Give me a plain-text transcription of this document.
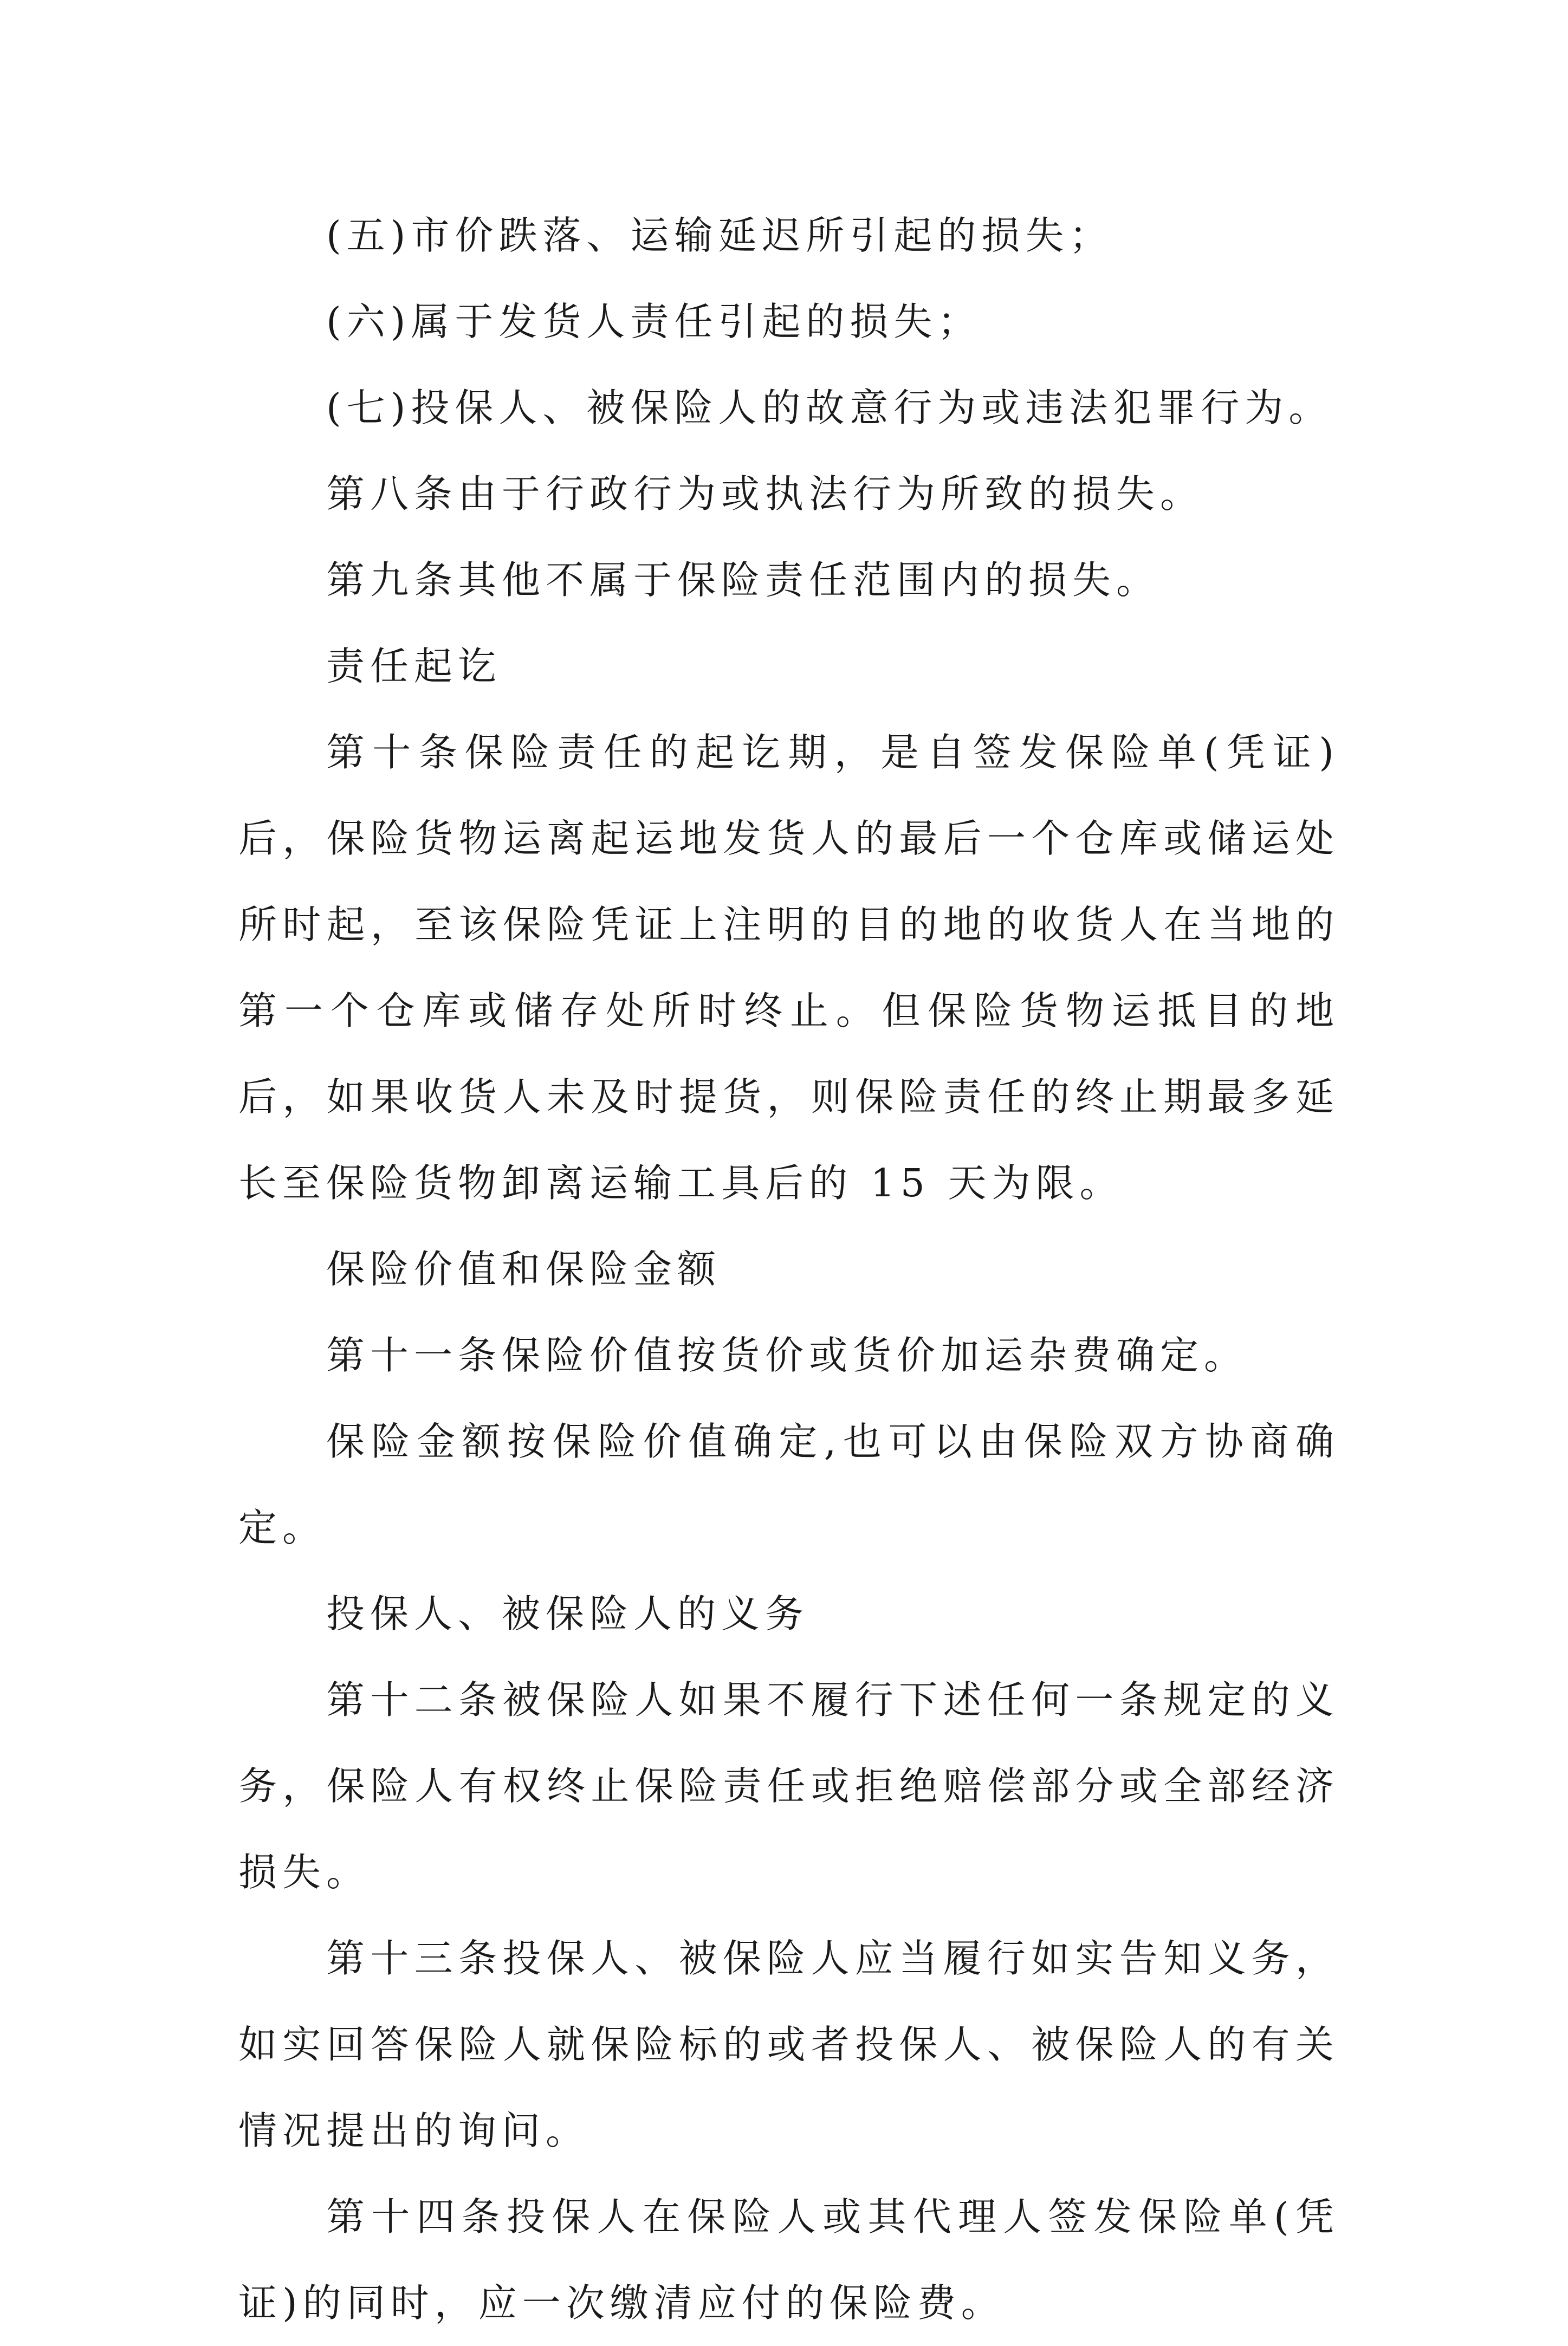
(五)市价跌落、运输延迟所引起的损失；

(六)属于发货人责任引起的损失；

(七)投保人、被保险人的故意行为或违法犯罪行为。

第八条由于行政行为或执法行为所致的损失。

第九条其他不属于保险责任范围内的损失。

责任起讫

第十条保险责任的起讫期，是自签发保险单(凭证)后，保险货物运离起运地发货人的最后一个仓库或储运处所时起，至该保险凭证上注明的目的地的收货人在当地的第一个仓库或储存处所时终止。但保险货物运抵目的地后，如果收货人未及时提货，则保险责任的终止期最多延长至保险货物卸离运输工具后的 15 天为限。

保险价值和保险金额

第十一条保险价值按货价或货价加运杂费确定。

保险金额按保险价值确定,也可以由保险双方协商确定。

投保人、被保险人的义务

第十二条被保险人如果不履行下述任何一条规定的义务，保险人有权终止保险责任或拒绝赔偿部分或全部经济损失。

第十三条投保人、被保险人应当履行如实告知义务，如实回答保险人就保险标的或者投保人、被保险人的有关情况提出的询问。

第十四条投保人在保险人或其代理人签发保险单(凭证)的同时，应一次缴清应付的保险费。
